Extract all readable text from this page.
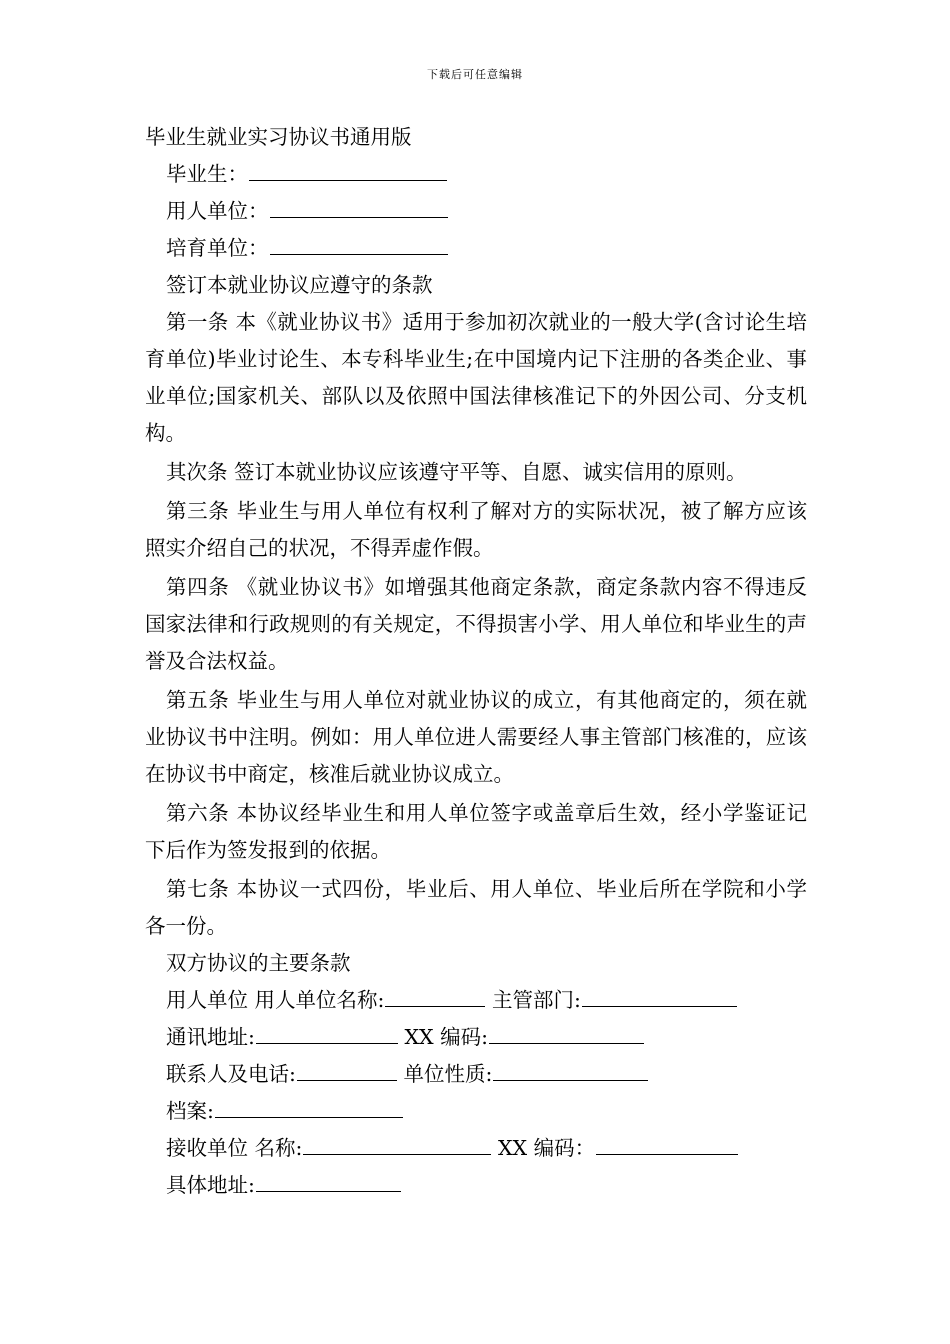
下载后可任意编辑
毕业生就业实习协议书通用版
毕业生：
用人单位：
培育单位：
签订本就业协议应遵守的条款

第一条 本《就业协议书》适用于参加初次就业的一般大学(含讨论生培育单位)毕业讨论生、本专科毕业生;在中国境内记下注册的各类企业、事业单位;国家机关、部队以及依照中国法律核准记下的外因公司、分支机构。

其次条 签订本就业协议应该遵守平等、自愿、诚实信用的原则。

第三条 毕业生与用人单位有权利了解对方的实际状况，被了解方应该照实介绍自己的状况，不得弄虚作假。

第四条 《就业协议书》如增强其他商定条款，商定条款内容不得违反国家法律和行政规则的有关规定，不得损害小学、用人单位和毕业生的声誉及合法权益。

第五条 毕业生与用人单位对就业协议的成立，有其他商定的，须在就业协议书中注明。例如：用人单位进人需要经人事主管部门核准的，应该在协议书中商定，核准后就业协议成立。

第六条 本协议经毕业生和用人单位签字或盖章后生效，经小学鉴证记下后作为签发报到的依据。

第七条 本协议一式四份，毕业后、用人单位、毕业后所在学院和小学各一份。

双方协议的主要条款
用人单位 用人单位名称:	主管部门:
通讯地址:	XX 编码:
联系人及电话:	单位性质:
档案:
接收单位 名称:	XX 编码：
具体地址:
